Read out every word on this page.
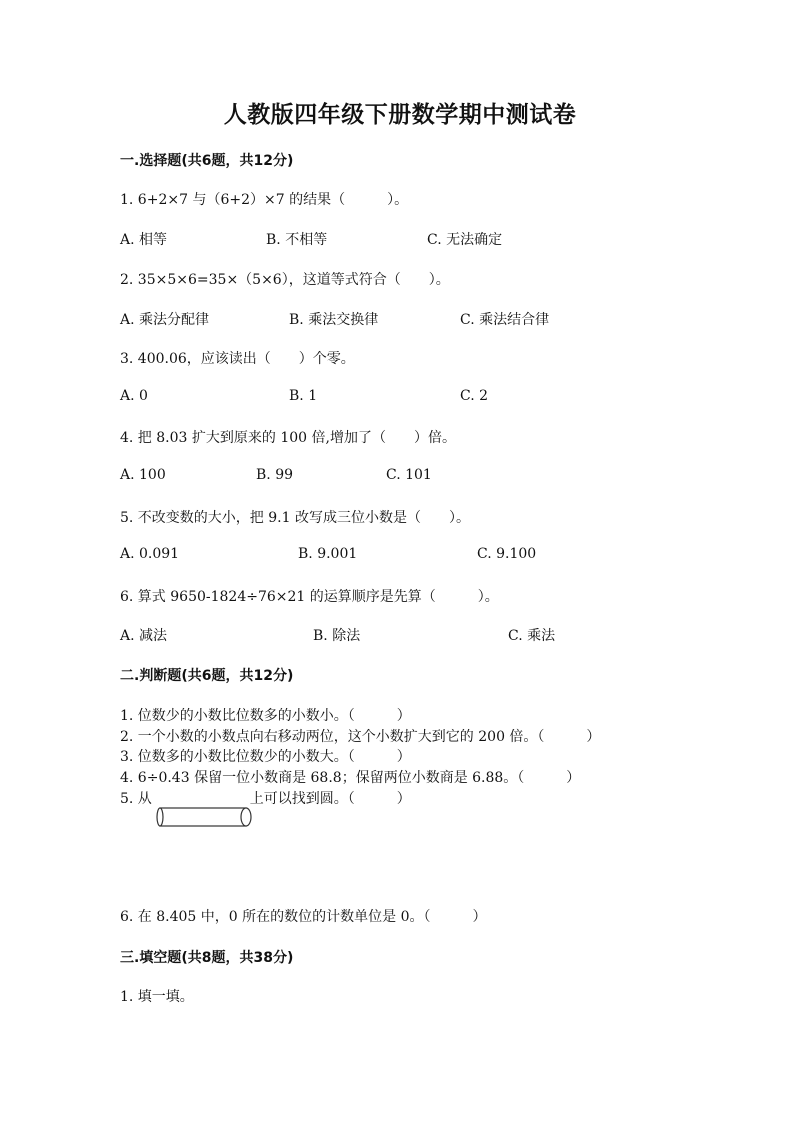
人教版四年级下册数学期中测试卷
一.选择题(共6题，共12分)
1. 6+2×7 与（6+2）×7 的结果（　　　）。
A. 相等	B. 不相等	C. 无法确定
2. 35×5×6=35×（5×6），这道等式符合（　　）。
A. 乘法分配律	B. 乘法交换律	C. 乘法结合律
3. 400.06，应该读出（　　）个零。
A. 0	B. 1	C. 2
4. 把 8.03 扩大到原来的 100 倍,增加了（　　）倍。
A. 100	B. 99	C. 101
5. 不改变数的大小，把 9.1 改写成三位小数是（　　）。
A. 0.091	B. 9.001	C. 9.100
6. 算式 9650-1824÷76×21 的运算顺序是先算（　　　）。
A. 减法	B. 除法	C. 乘法
二.判断题(共6题，共12分)
1. 位数少的小数比位数多的小数小。（　　　）
2. 一个小数的小数点向右移动两位，这个小数扩大到它的 200 倍。（　　　）
3. 位数多的小数比位数少的小数大。（　　　）
4. 6÷0.43 保留一位小数商是 68.8；保留两位小数商是 6.88。（　　　）
5. 从　　　　　　　上可以找到圆。（　　　）
6. 在 8.405 中，0 所在的数位的计数单位是 0。（　　　）
三.填空题(共8题，共38分)
1. 填一填。
